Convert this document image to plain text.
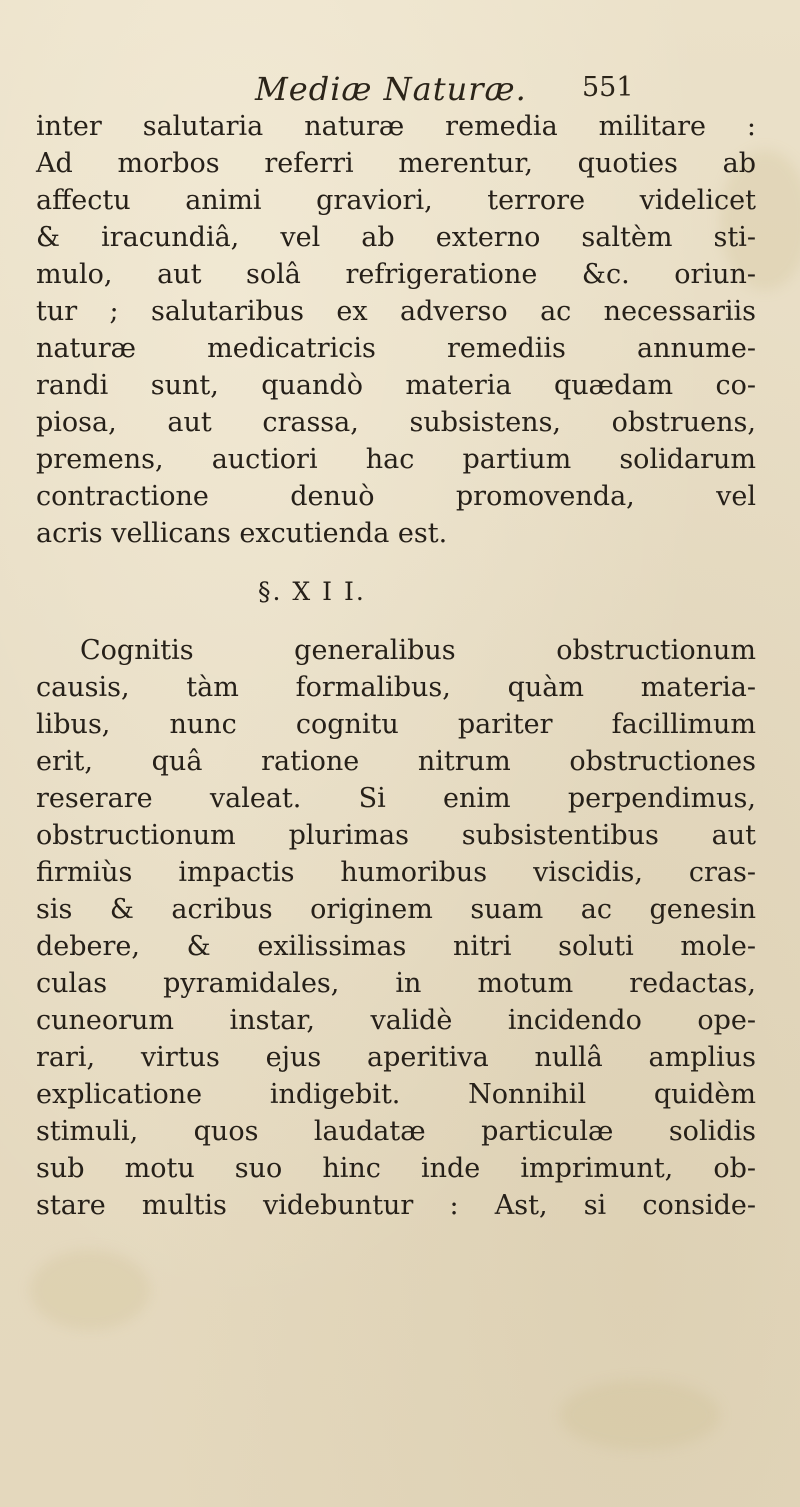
Mediæ Naturæ. 551
inter salutaria naturæ remedia militare :
Ad morbos referri merentur, quoties ab
affectu animi graviori, terrore videlicet
& iracundiâ, vel ab externo saltèm sti-
mulo, aut solâ refrigeratione &c. oriun-
tur ; salutaribus ex adverso ac necessariis
naturæ medicatricis remediis annume-
randi sunt, quandò materia quædam co-
piosa, aut crassa, subsistens, obstruens,
premens, auctiori hac partium solidarum
contractione denuò promovenda, vel
acris vellicans excutienda est.
§. X I I.
Cognitis generalibus obstructionum
causis, tàm formalibus, quàm materia-
libus, nunc cognitu pariter facillimum
erit, quâ ratione nitrum obstructiones
reserare valeat. Si enim perpendimus,
obstructionum plurimas subsistentibus aut
firmiùs impactis humoribus viscidis, cras-
sis & acribus originem suam ac genesin
debere, & exilissimas nitri soluti mole-
culas pyramidales, in motum redactas,
cuneorum instar, validè incidendo ope-
rari, virtus ejus aperitiva nullâ amplius
explicatione indigebit. Nonnihil quidèm
stimuli, quos laudatæ particulæ solidis
sub motu suo hinc inde imprimunt, ob-
stare multis videbuntur : Ast, si conside-
